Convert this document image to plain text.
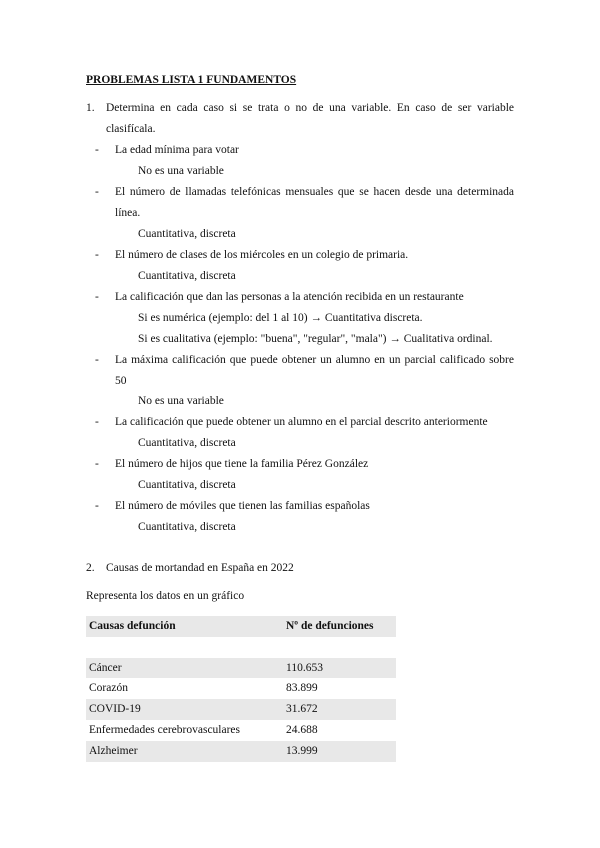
PROBLEMAS LISTA 1 FUNDAMENTOS
1. Determina en cada caso si se trata o no de una variable. En caso de ser variable clasifícala.
- La edad mínima para votar
No es una variable
- El número de llamadas telefónicas mensuales que se hacen desde una determinada línea.
Cuantitativa, discreta
- El número de clases de los miércoles en un colegio de primaria.
Cuantitativa, discreta
- La calificación que dan las personas a la atención recibida en un restaurante
Si es numérica (ejemplo: del 1 al 10) → Cuantitativa discreta.
Si es cualitativa (ejemplo: "buena", "regular", "mala") → Cualitativa ordinal.
- La máxima calificación que puede obtener un alumno en un parcial calificado sobre 50
No es una variable
- La calificación que puede obtener un alumno en el parcial descrito anteriormente
Cuantitativa, discreta
- El número de hijos que tiene la familia Pérez González
Cuantitativa, discreta
- El número de móviles que tienen las familias españolas
Cuantitativa, discreta
2. Causas de mortandad en España en 2022
Representa los datos en un gráfico
Causas defunción	Nº de defunciones

Cáncer	110.653
Corazón	83.899
COVID-19	31.672
Enfermedades cerebrovasculares	24.688
Alzheimer	13.999
